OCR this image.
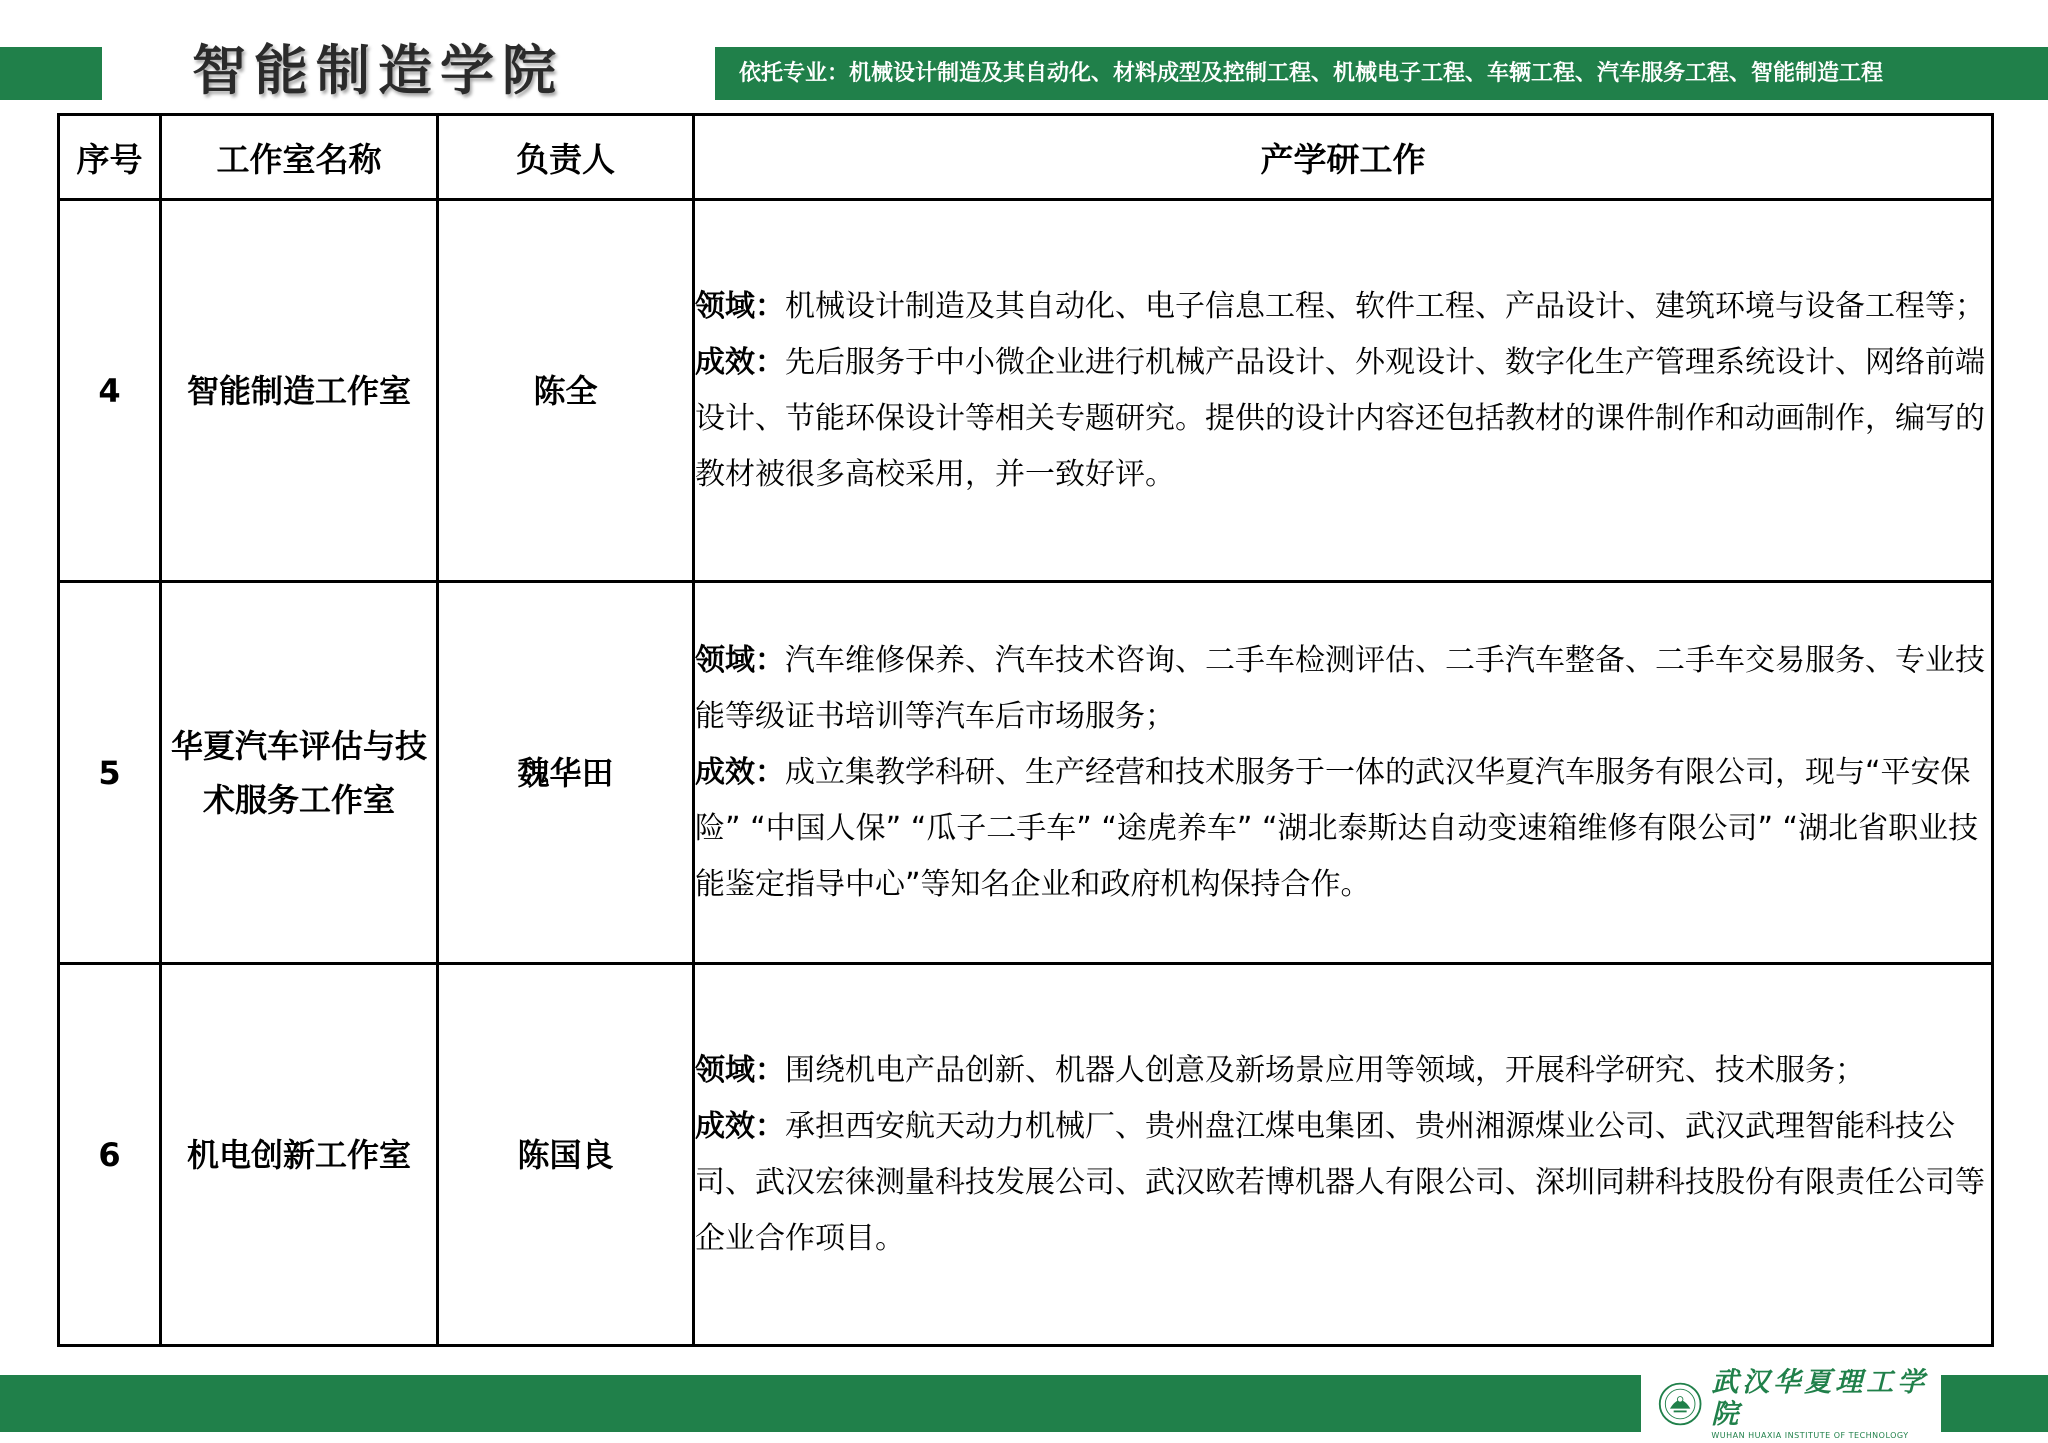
智能制造学院	依托专业：机械设计制造及其自动化、材料成型及控制工程、机械电子工程、车辆工程、汽车服务工程、智能制造工程
序号	工作室名称	负责人	产学研工作
4	智能制造工作室	陈全	领域：机械设计制造及其自动化、电子信息工程、软件工程、产品设计、建筑环境与设备工程等；

成效：先后服务于中小微企业进行机械产品设计、外观设计、数字化生产管理系统设计、网络前端设计、节能环保设计等相关专题研究。提供的设计内容还包括教材的课件制作和动画制作，编写的教材被很多高校采用，并一致好评。

5	华夏汽车评估与技术服务工作室	魏华田	领域：汽车维修保养、汽车技术咨询、二手车检测评估、二手汽车整备、二手车交易服务、专业技能等级证书培训等汽车后市场服务；

成效：成立集教学科研、生产经营和技术服务于一体的武汉华夏汽车服务有限公司，现与“平安保险” “中国人保” “瓜子二手车” “途虎养车” “湖北泰斯达自动变速箱维修有限公司” “湖北省职业技能鉴定指导中心”等知名企业和政府机构保持合作。

6	机电创新工作室	陈国良	领域：围绕机电产品创新、机器人创意及新场景应用等领域，开展科学研究、技术服务；

成效：承担西安航天动力机械厂、贵州盘江煤电集团、贵州湘源煤业公司、武汉武理智能科技公司、武汉宏徕测量科技发展公司、武汉欧若博机器人有限公司、深圳同耕科技股份有限责任公司等企业合作项目。

武汉华夏理工学院
WUHAN HUAXIA INSTITUTE OF TECHNOLOGY
